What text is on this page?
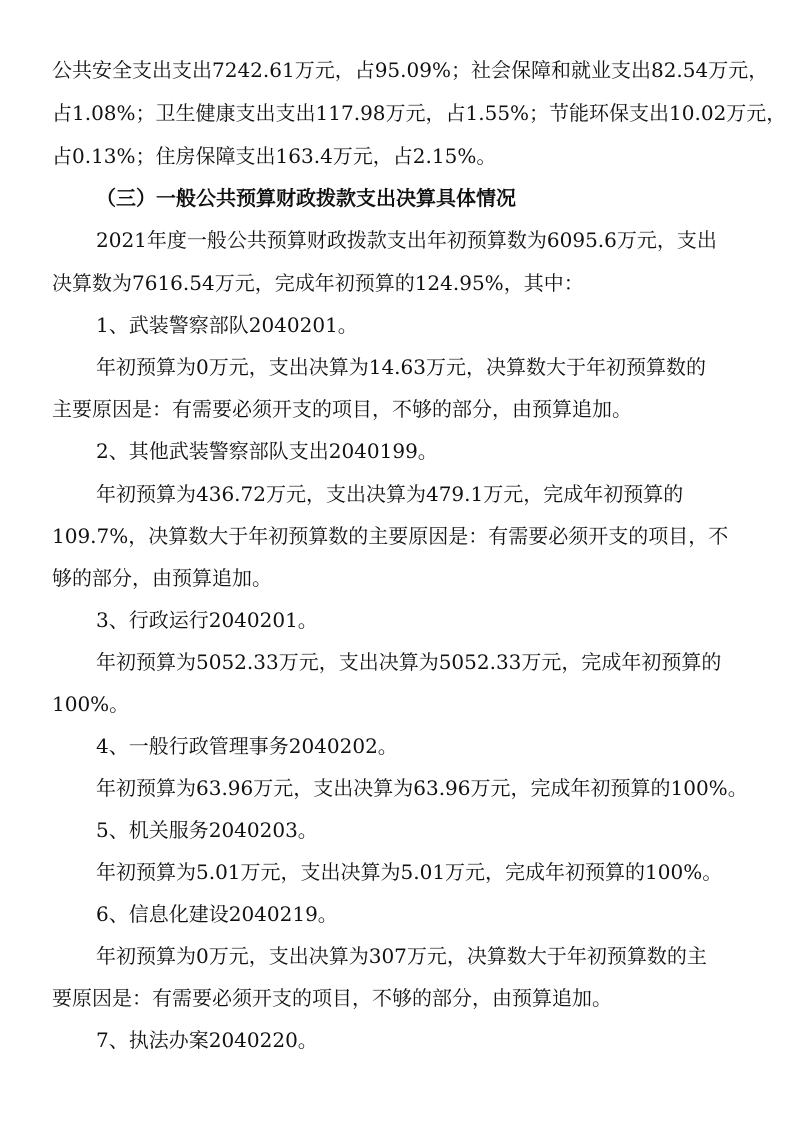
公共安全支出支出7242.61万元，占95.09%；社会保障和就业支出82.54万元，
占1.08%；卫生健康支出支出117.98万元，占1.55%；节能环保支出10.02万元，
占0.13%；住房保障支出163.4万元，占2.15%。
（三）一般公共预算财政拨款支出决算具体情况
2021年度一般公共预算财政拨款支出年初预算数为6095.6万元，支出
决算数为7616.54万元，完成年初预算的124.95%，其中：
1、武装警察部队2040201。
年初预算为0万元，支出决算为14.63万元，决算数大于年初预算数的
主要原因是：有需要必须开支的项目，不够的部分，由预算追加。
2、其他武装警察部队支出2040199。
年初预算为436.72万元，支出决算为479.1万元，完成年初预算的
109.7%，决算数大于年初预算数的主要原因是：有需要必须开支的项目，不
够的部分，由预算追加。
3、行政运行2040201。
年初预算为5052.33万元，支出决算为5052.33万元，完成年初预算的
100%。
4、一般行政管理事务2040202。
年初预算为63.96万元，支出决算为63.96万元，完成年初预算的100%。
5、机关服务2040203。
年初预算为5.01万元，支出决算为5.01万元，完成年初预算的100%。
6、信息化建设2040219。
年初预算为0万元，支出决算为307万元，决算数大于年初预算数的主
要原因是：有需要必须开支的项目，不够的部分，由预算追加。
7、执法办案2040220。
